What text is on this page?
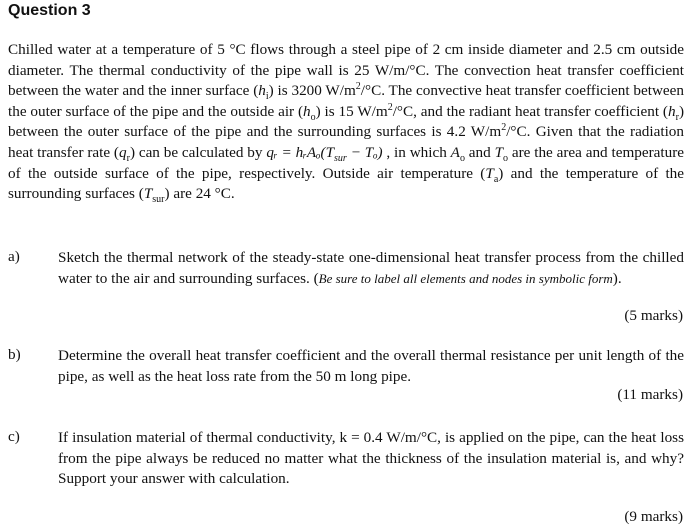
Question 3
Chilled water at a temperature of 5 °C flows through a steel pipe of 2 cm inside diameter and 2.5 cm outside diameter. The thermal conductivity of the pipe wall is 25 W/m/°C. The convection heat transfer coefficient between the water and the inner surface $(h_i)$ is 3200 $W/m^2/^\circ C$. The convective heat transfer coefficient between the outer surface of the pipe and the outside air $(h_o)$ is 15 $W/m^2/^\circ C$, and the radiant heat transfer coefficient $(h_r)$ between the outer surface of the pipe and the surrounding surfaces is 4.2 $W/m^2/^\circ C$. Given that the radiation heat transfer rate $(q_r)$ can be calculated by qᵣ = $hᵣA_o(T_{sur} - T_o)$ , in which $A_o$ and $T_o$ are the area and temperature of the outside surface of the pipe, respectively. Outside air temperature $(T_a)$ and the temperature of the surrounding surfaces $(T_{sur})$ are 24 °C.
a)	Sketch the thermal network of the steady-state one-dimensional heat transfer process from the chilled water to the air and surrounding surfaces. (Be sure to label all elements and nodes in symbolic form).
(5 marks)
b) Determine the overall heat transfer coefficient and the overall thermal resistance per unit length of the pipe, as well as the heat loss rate from the 50 m long pipe.
(11 marks)
c)	If insulation material of thermal conductivity, k = 0.4 W/m/°C, is applied on the pipe, can the heat loss from the pipe always be reduced no matter what the thickness of the insulation material is, and why? Support your answer with calculation.
(9 marks)
